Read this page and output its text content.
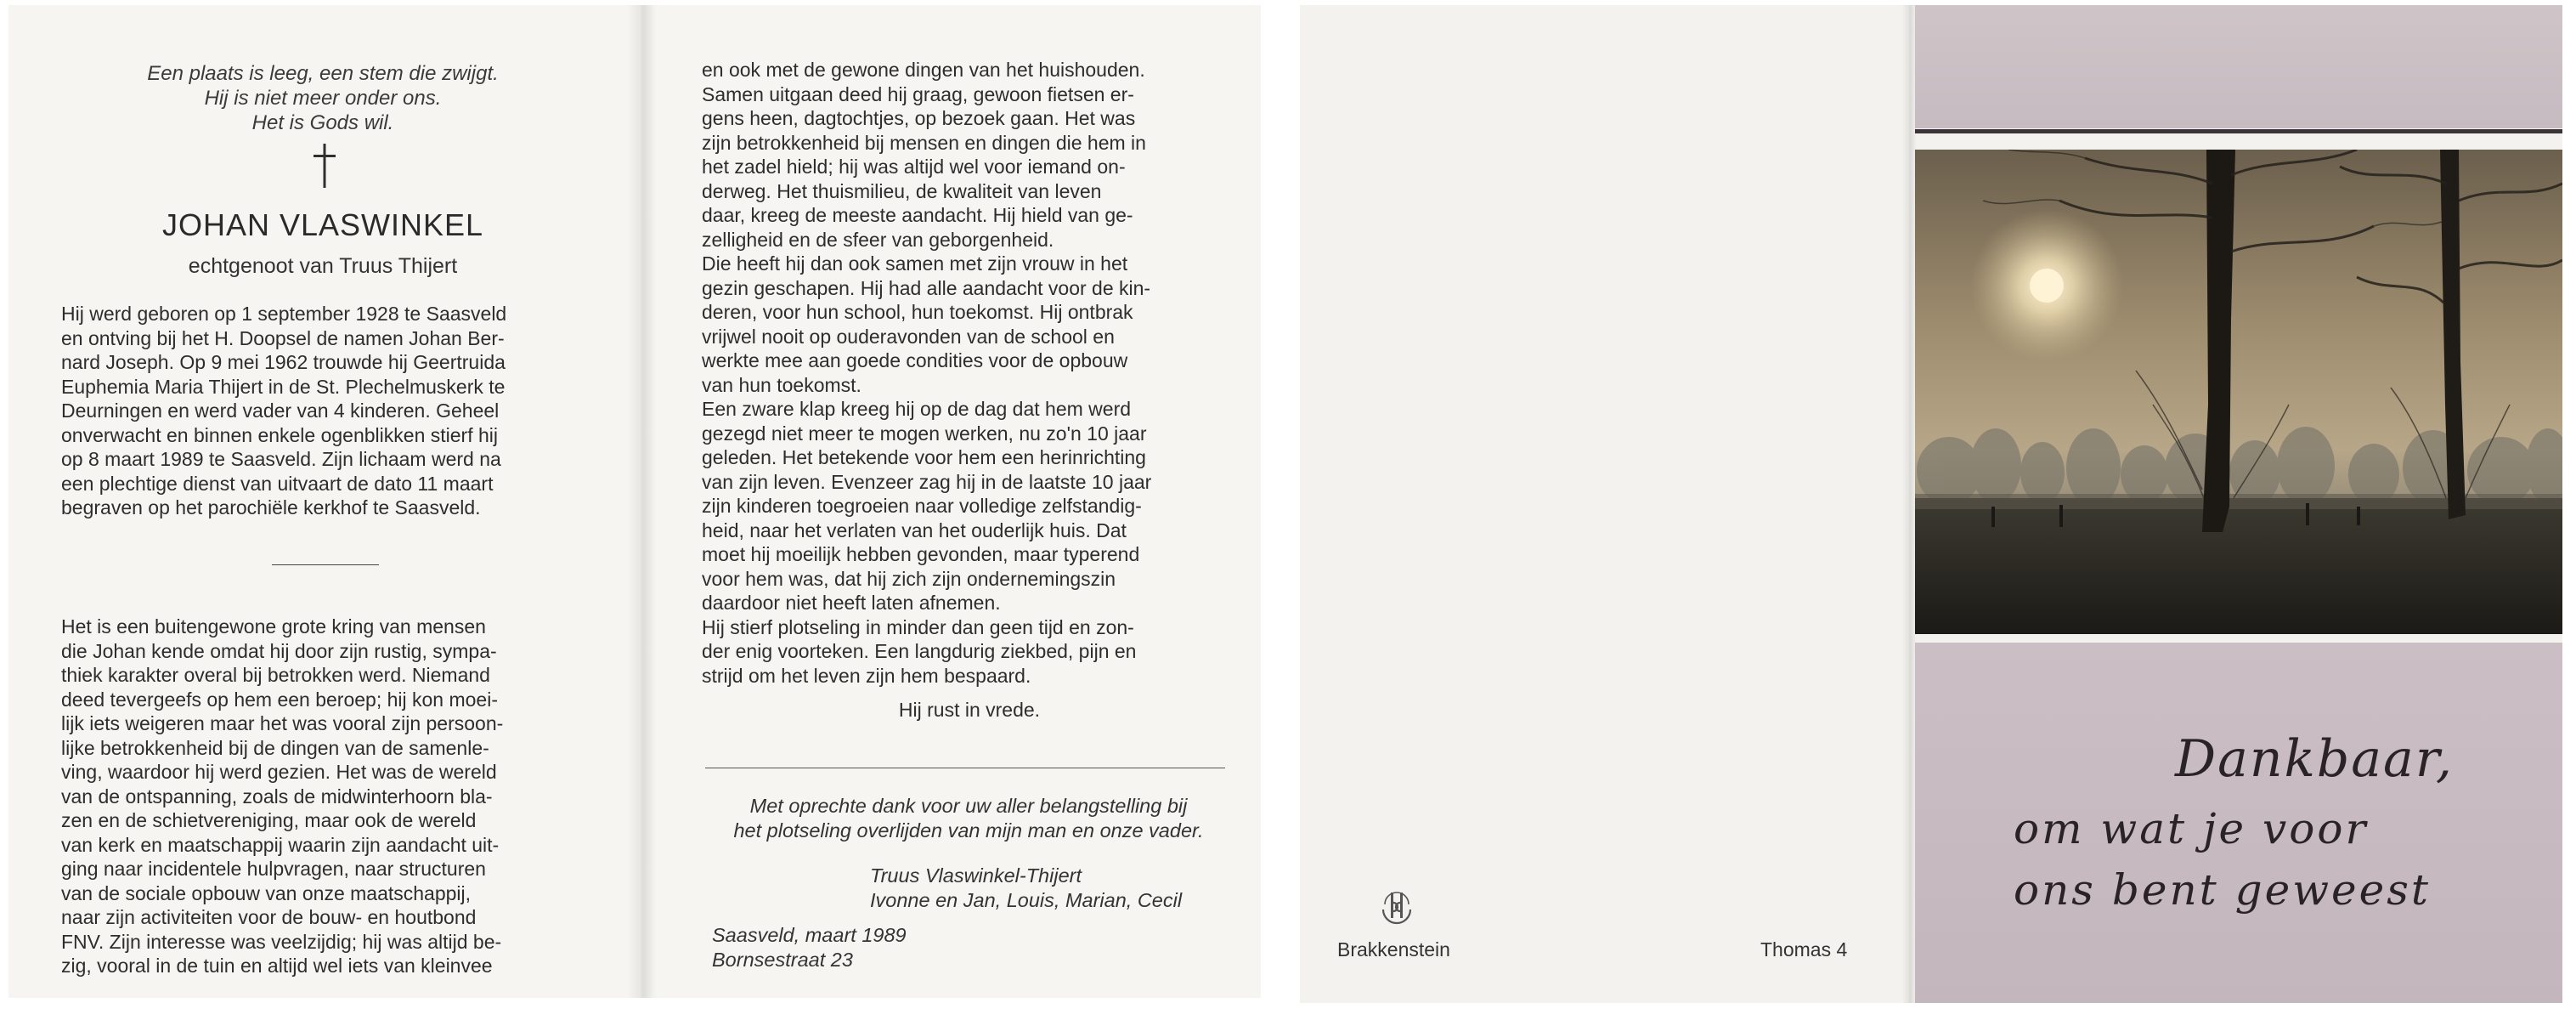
Een plaats is leeg, een stem die zwijgt.

Hij is niet meer onder ons.

Het is Gods wil.

JOHAN VLASWINKEL
echtgenoot van Truus Thijert

Hij werd geboren op 1 september 1928 te Saasveld

en ontving bij het H. Doopsel de namen Johan Ber-

nard Joseph. Op 9 mei 1962 trouwde hij Geertruida

Euphemia Maria Thijert in de St. Plechelmuskerk te

Deurningen en werd vader van 4 kinderen. Geheel

onverwacht en binnen enkele ogenblikken stierf hij

op 8 maart 1989 te Saasveld. Zijn lichaam werd na

een plechtige dienst van uitvaart de dato 11 maart

begraven op het parochiële kerkhof te Saasveld.

Het is een buitengewone grote kring van mensen

die Johan kende omdat hij door zijn rustig, sympa-

thiek karakter overal bij betrokken werd. Niemand

deed tevergeefs op hem een beroep; hij kon moei-

lijk iets weigeren maar het was vooral zijn persoon-

lijke betrokkenheid bij de dingen van de samenle-

ving, waardoor hij werd gezien. Het was de wereld

van de ontspanning, zoals de midwinterhoorn bla-

zen en de schietvereniging, maar ook de wereld

van kerk en maatschappij waarin zijn aandacht uit-

ging naar incidentele hulpvragen, naar structuren

van de sociale opbouw van onze maatschappij,

naar zijn activiteiten voor de bouw- en houtbond

FNV. Zijn interesse was veelzijdig; hij was altijd be-

zig, vooral in de tuin en altijd wel iets van kleinvee

en ook met de gewone dingen van het huishouden.

Samen uitgaan deed hij graag, gewoon fietsen er-

gens heen, dagtochtjes, op bezoek gaan. Het was

zijn betrokkenheid bij mensen en dingen die hem in

het zadel hield; hij was altijd wel voor iemand on-

derweg. Het thuismilieu, de kwaliteit van leven

daar, kreeg de meeste aandacht. Hij hield van ge-

zelligheid en de sfeer van geborgenheid.

Die heeft hij dan ook samen met zijn vrouw in het

gezin geschapen. Hij had alle aandacht voor de kin-

deren, voor hun school, hun toekomst. Hij ontbrak

vrijwel nooit op ouderavonden van de school en

werkte mee aan goede condities voor de opbouw

van hun toekomst.

Een zware klap kreeg hij op de dag dat hem werd

gezegd niet meer te mogen werken, nu zo'n 10 jaar

geleden. Het betekende voor hem een herinrichting

van zijn leven. Evenzeer zag hij in de laatste 10 jaar

zijn kinderen toegroeien naar volledige zelfstandig-

heid, naar het verlaten van het ouderlijk huis. Dat

moet hij moeilijk hebben gevonden, maar typerend

voor hem was, dat hij zich zijn ondernemingszin

daardoor niet heeft laten afnemen.

Hij stierf plotseling in minder dan geen tijd en zon-

der enig voorteken. Een langdurig ziekbed, pijn en

strijd om het leven zijn hem bespaard.

Hij rust in vrede.

Met oprechte dank voor uw aller belangstelling bij

het plotseling overlijden van mijn man en onze vader.

Truus Vlaswinkel-Thijert

Ivonne en Jan, Louis, Marian, Cecil

Saasveld, maart 1989

Bornsestraat 23

Dankbaar,
om wat je voor
ons bent geweest
Brakkenstein	Thomas 4
